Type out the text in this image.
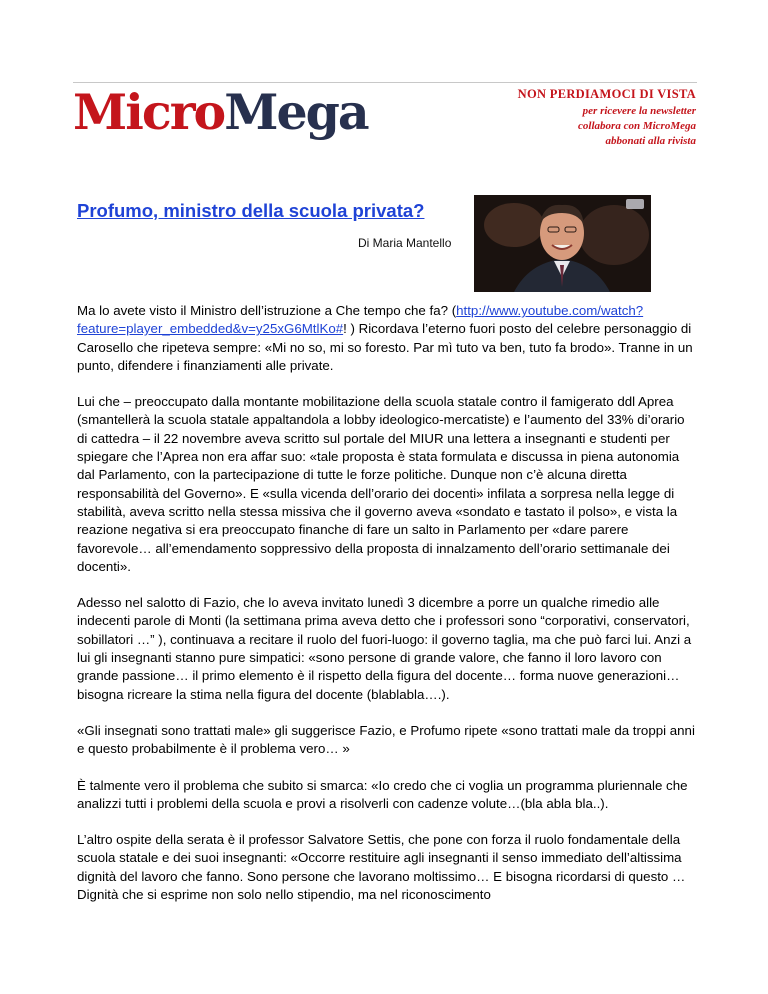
MicroMega	NON PERDIAMOCI DI VISTA
per ricevere la newsletter
collabora con MicroMega
abbonati alla rivista
Profumo, ministro della scuola privata?
Di Maria Mantello

Ma lo avete visto il Ministro dell’istruzione a Che tempo che fa? (http://www.youtube.com/watch?feature=player_embedded&v=y25xG6MtlKo#! ) Ricordava l’eterno fuori posto del celebre personaggio di Carosello che ripeteva sempre: «Mi no so, mi so foresto. Par mì tuto va ben, tuto fa brodo». Tranne in un punto, difendere i finanziamenti alle private.

Lui che – preoccupato dalla montante mobilitazione della scuola statale contro il famigerato ddl Aprea (smantellerà la scuola statale appaltandola a lobby ideologico-mercatiste) e l’aumento del 33% di’orario di cattedra – il 22 novembre aveva scritto sul portale del MIUR una lettera a insegnanti e studenti per spiegare che l’Aprea non era affar suo: «tale proposta è stata formulata e discussa in piena autonomia dal Parlamento, con la partecipazione di tutte le forze politiche. Dunque non c’è alcuna diretta responsabilità del Governo». E «sulla vicenda dell’orario dei docenti» infilata a sorpresa nella legge di stabilità, aveva scritto nella stessa missiva che il governo aveva «sondato e tastato il polso», e vista la reazione negativa si era preoccupato finanche di fare un salto in Parlamento per «dare parere favorevole… all’emendamento soppressivo della proposta di innalzamento dell’orario settimanale dei docenti».

Adesso nel salotto di Fazio, che lo aveva invitato lunedì 3 dicembre a porre un qualche rimedio alle indecenti parole di Monti (la settimana prima aveva detto che i professori sono “corporativi, conservatori, sobillatori …” ), continuava a recitare il ruolo del fuori-luogo: il governo taglia, ma che può farci lui. Anzi a lui gli insegnanti stanno pure simpatici: «sono persone di grande valore, che fanno il loro lavoro con grande passione… il primo elemento è il rispetto della figura del docente… forma nuove generazioni… bisogna ricreare la stima nella figura del docente (blablabla….).

«Gli insegnati sono trattati male» gli suggerisce Fazio, e Profumo ripete «sono trattati male da troppi anni e questo probabilmente è il problema vero… »

È talmente vero il problema che subito si smarca: «Io credo che ci voglia un programma pluriennale che analizzi tutti i problemi della scuola e provi a risolverli con cadenze volute…(bla abla bla..).

L’altro ospite della serata è il professor Salvatore Settis, che pone con forza il ruolo fondamentale della scuola statale e dei suoi insegnanti: «Occorre restituire agli insegnanti il senso immediato dell’altissima dignità del lavoro che fanno. Sono persone che lavorano moltissimo… E bisogna ricordarsi di questo …Dignità che si esprime non solo nello stipendio, ma nel riconoscimento
